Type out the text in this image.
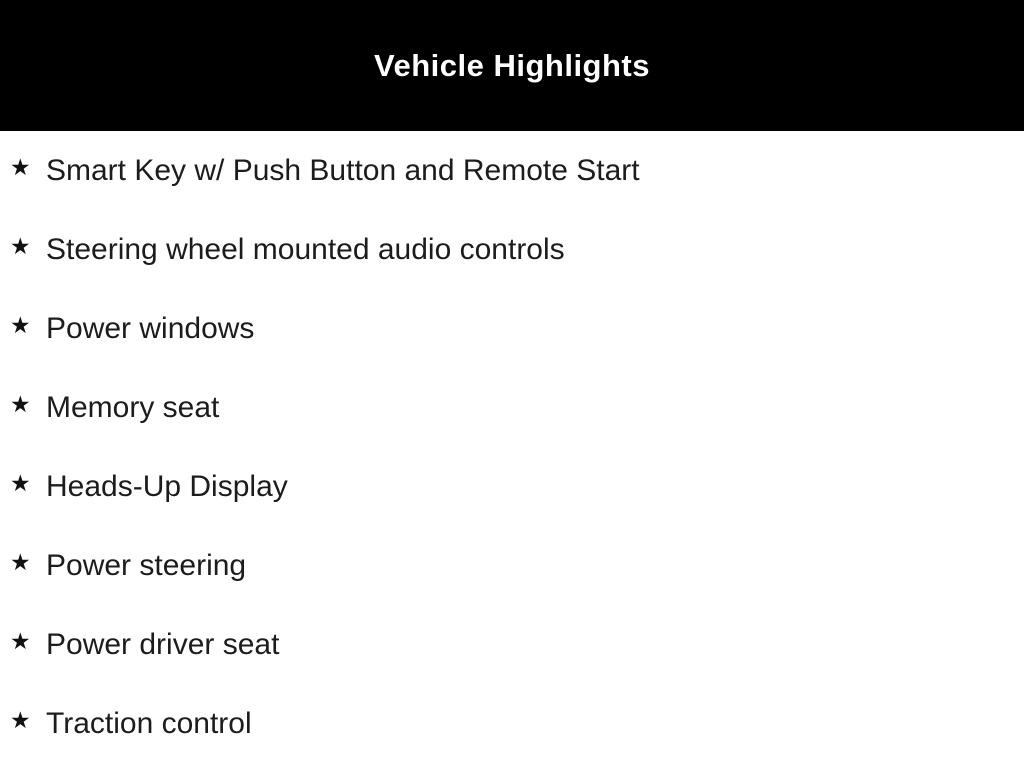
Vehicle Highlights
★ Smart Key w/ Push Button and Remote Start
★ Steering wheel mounted audio controls
★ Power windows
★ Memory seat
★ Heads-Up Display
★ Power steering
★ Power driver seat
★ Traction control
